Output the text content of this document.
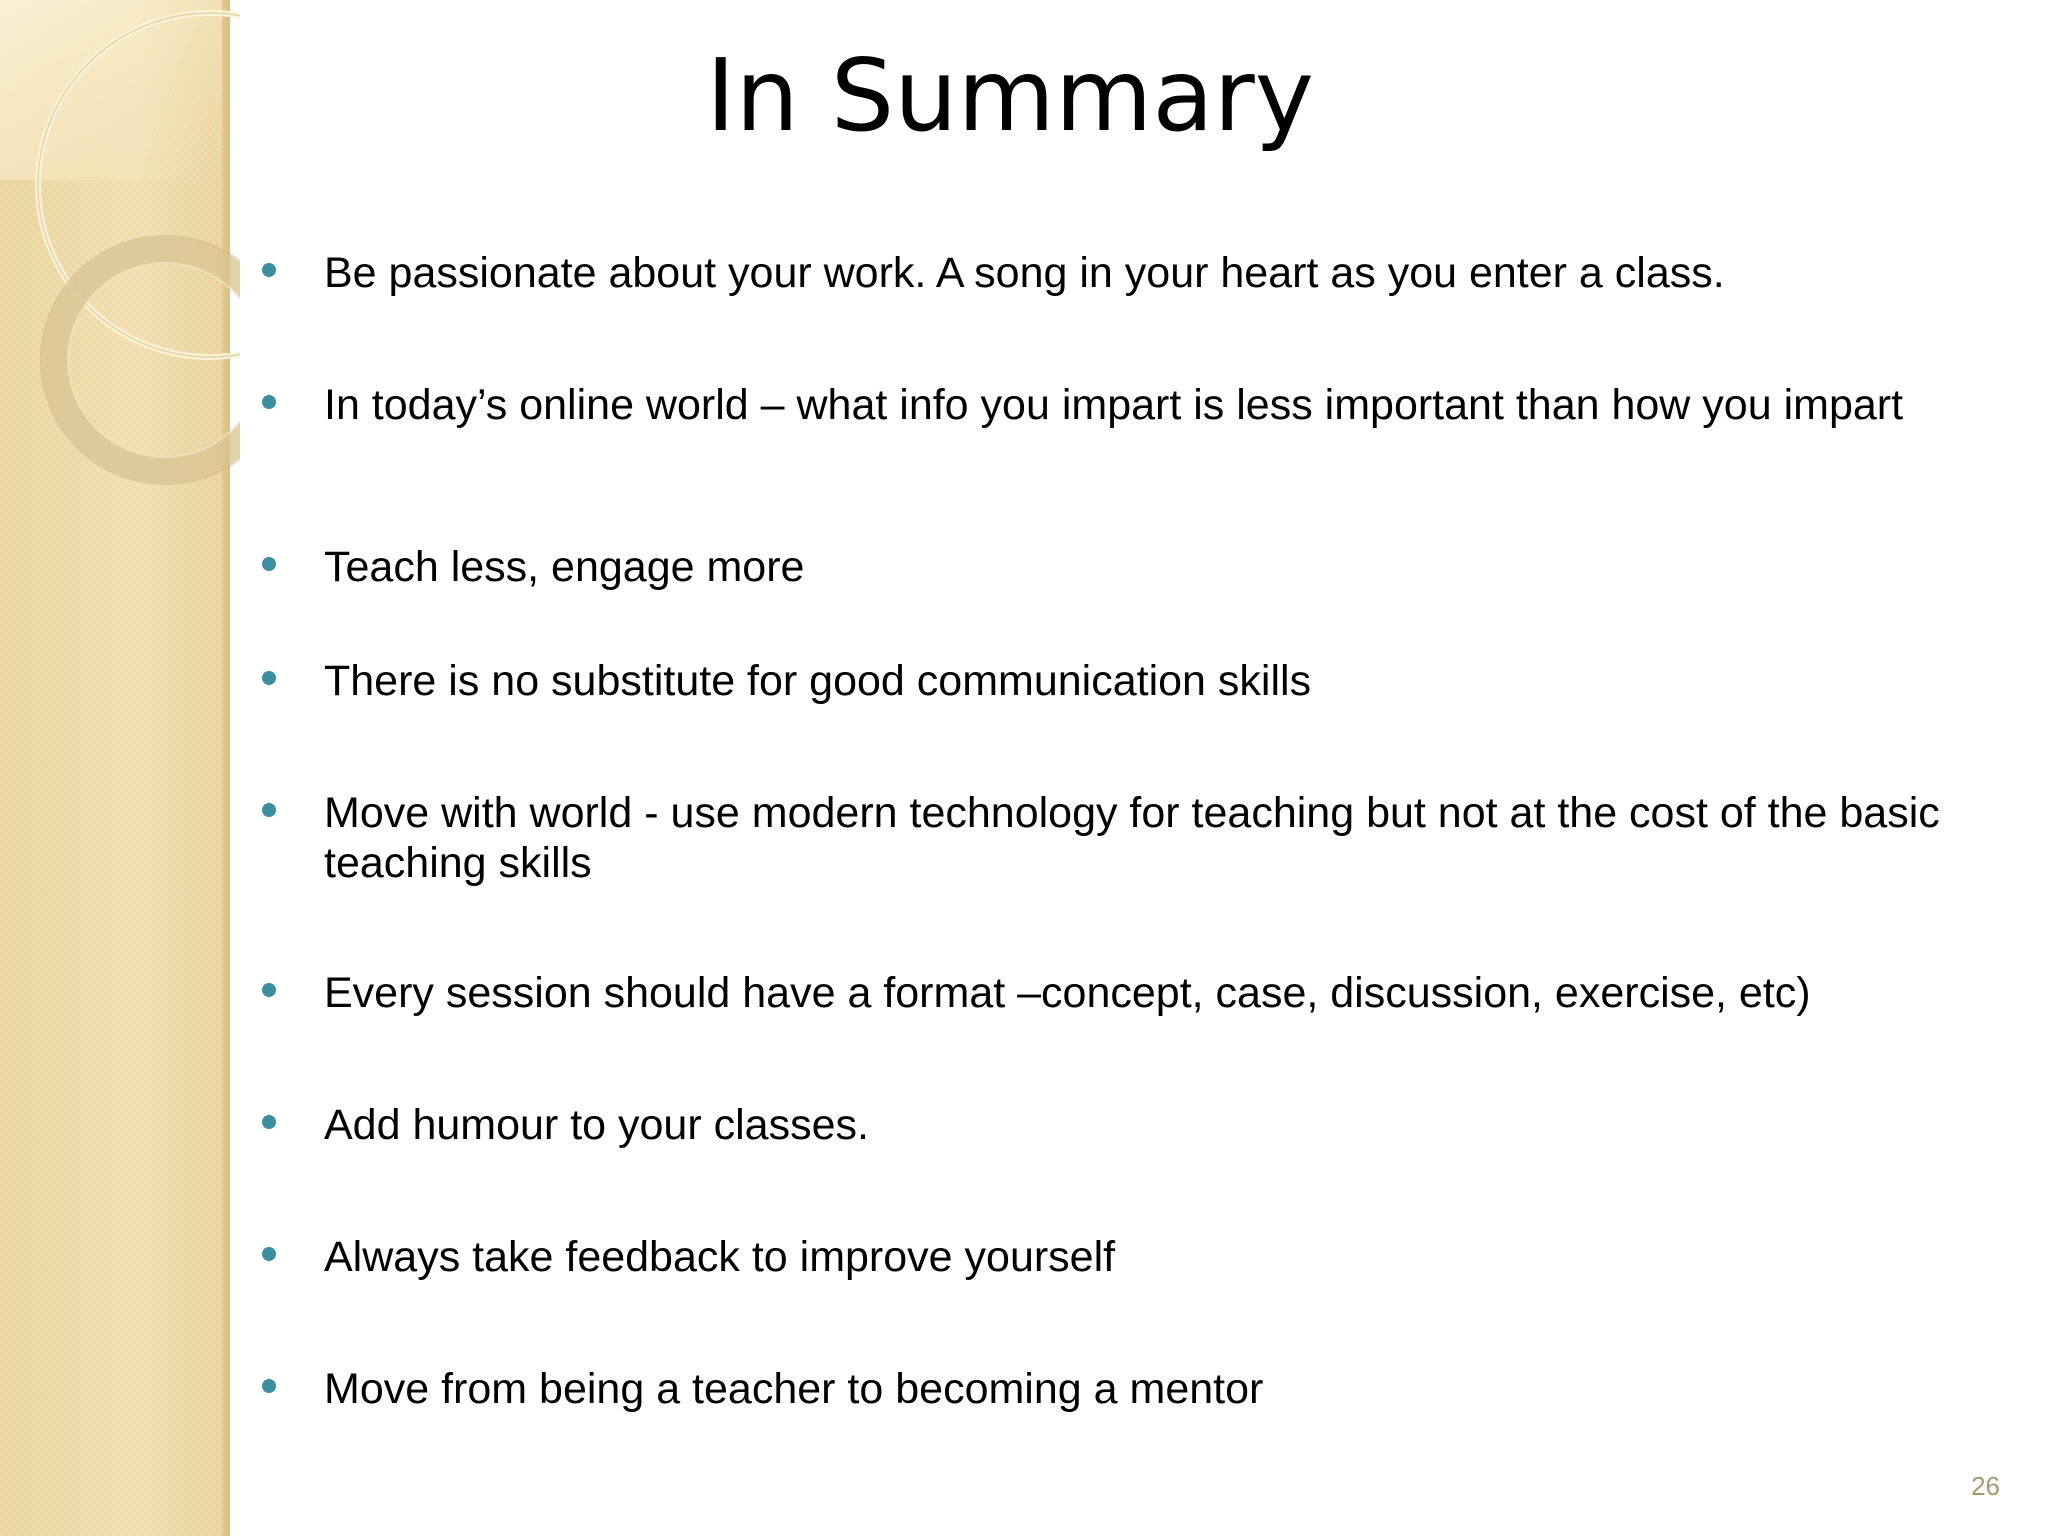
In Summary
Be passionate about your work. A song in your heart as you enter a class.
In today’s online world – what info you impart is less important than how you impart
Teach less, engage more
There is no substitute for good communication skills
Move with world - use modern technology for teaching but not at the cost of the basic teaching skills
Every session should have a format –concept, case, discussion, exercise, etc)
Add humour to your classes.
Always take feedback to improve yourself
Move from being a teacher to becoming a mentor
26
